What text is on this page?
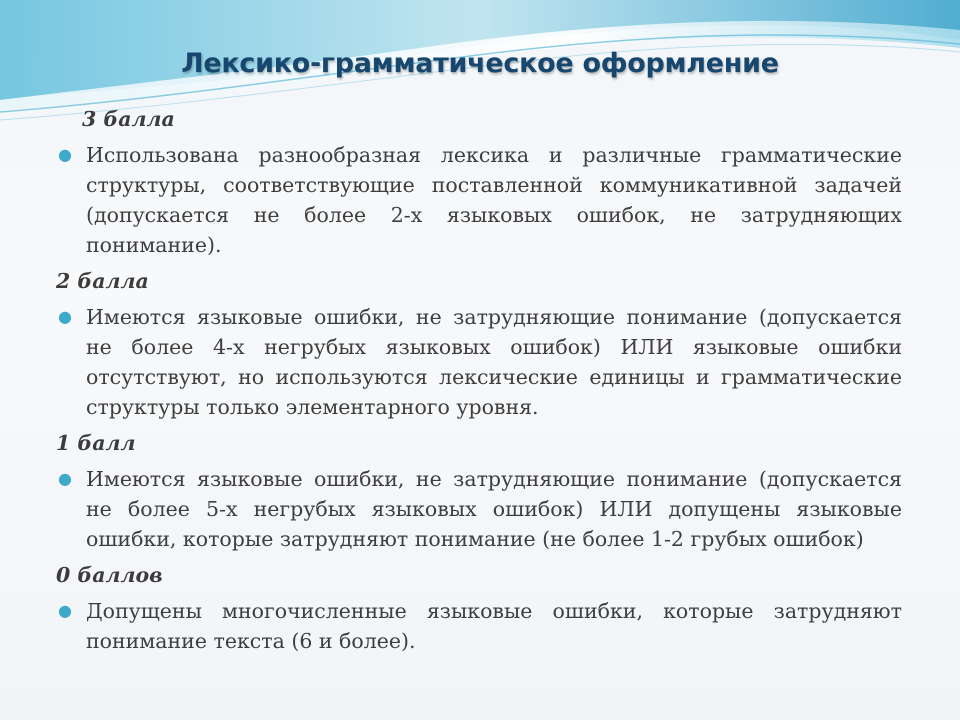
Лексико-грамматическое оформление
3 балла
● Использована разнообразная лексика и различные грамматические структуры, соответствующие поставленной коммуникативной задачей (допускается не более 2-х языковых ошибок, не затрудняющих понимание).
2 балла
● Имеются языковые ошибки, не затрудняющие понимание (допускается не более 4-х негрубых языковых ошибок) ИЛИ языковые ошибки отсутствуют, но используются лексические единицы и грамматические структуры только элементарного уровня.
1 балл
● Имеются языковые ошибки, не затрудняющие понимание (допускается не более 5-х негрубых языковых ошибок) ИЛИ допущены языковые ошибки, которые затрудняют понимание (не более 1-2 грубых ошибок)
0 баллов
● Допущены многочисленные языковые ошибки, которые затрудняют понимание текста (6 и более).
